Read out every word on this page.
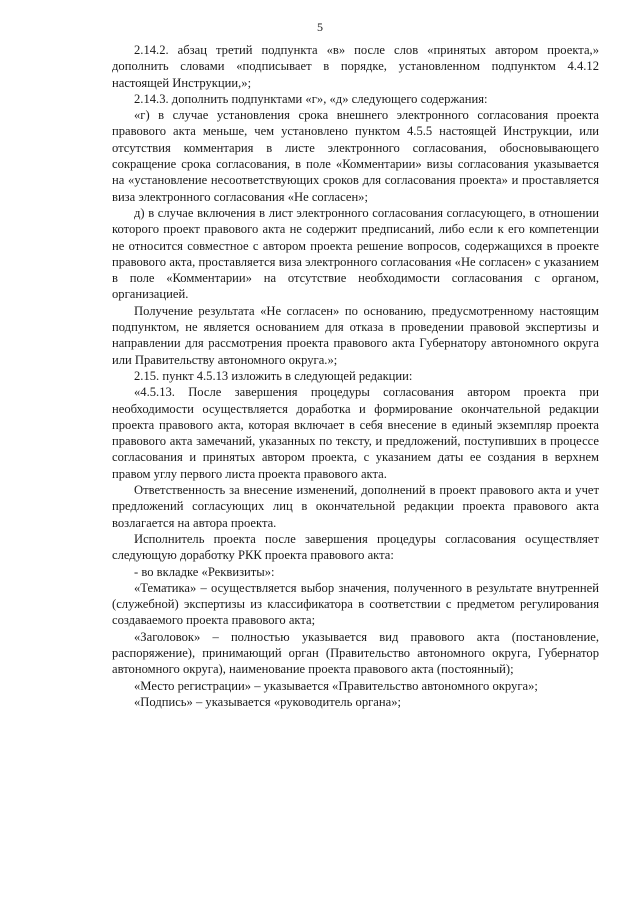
5

2.14.2. абзац третий подпункта «в» после слов «принятых автором проекта,» дополнить словами «подписывает в порядке, установленном подпунктом 4.4.12 настоящей Инструкции,»;

2.14.3. дополнить подпунктами «г», «д» следующего содержания:

«г) в случае установления срока внешнего электронного согласования проекта правового акта меньше, чем установлено пунктом 4.5.5 настоящей Инструкции, или отсутствия комментария в листе электронного согласования, обосновывающего сокращение срока согласования, в поле «Комментарии» визы согласования указывается на «установление несоответствующих сроков для согласования проекта» и проставляется виза электронного согласования «Не согласен»;

д) в случае включения в лист электронного согласования согласующего, в отношении которого проект правового акта не содержит предписаний, либо если к его компетенции не относится совместное с автором проекта решение вопросов, содержащихся в проекте правового акта, проставляется виза электронного согласования «Не согласен» с указанием в поле «Комментарии» на отсутствие необходимости согласования с органом, организацией.

Получение результата «Не согласен» по основанию, предусмотренному настоящим подпунктом, не является основанием для отказа в проведении правовой экспертизы и направлении для рассмотрения проекта правового акта Губернатору автономного округа или Правительству автономного округа.»;

2.15. пункт 4.5.13 изложить в следующей редакции:

«4.5.13. После завершения процедуры согласования автором проекта при необходимости осуществляется доработка и формирование окончательной редакции проекта правового акта, которая включает в себя внесение в единый экземпляр проекта правового акта замечаний, указанных по тексту, и предложений, поступивших в процессе согласования и принятых автором проекта, с указанием даты ее создания в верхнем правом углу первого листа проекта правового акта.

Ответственность за внесение изменений, дополнений в проект правового акта и учет предложений согласующих лиц в окончательной редакции проекта правового акта возлагается на автора проекта.

Исполнитель проекта после завершения процедуры согласования осуществляет следующую доработку РКК проекта правового акта:

- во вкладке «Реквизиты»:

«Тематика» – осуществляется выбор значения, полученного в результате внутренней (служебной) экспертизы из классификатора в соответствии с предметом регулирования создаваемого проекта правового акта;

«Заголовок» – полностью указывается вид правового акта (постановление, распоряжение), принимающий орган (Правительство автономного округа, Губернатор автономного округа), наименование проекта правового акта (постоянный);

«Место регистрации» – указывается «Правительство автономного округа»;

«Подпись» – указывается «руководитель органа»;
